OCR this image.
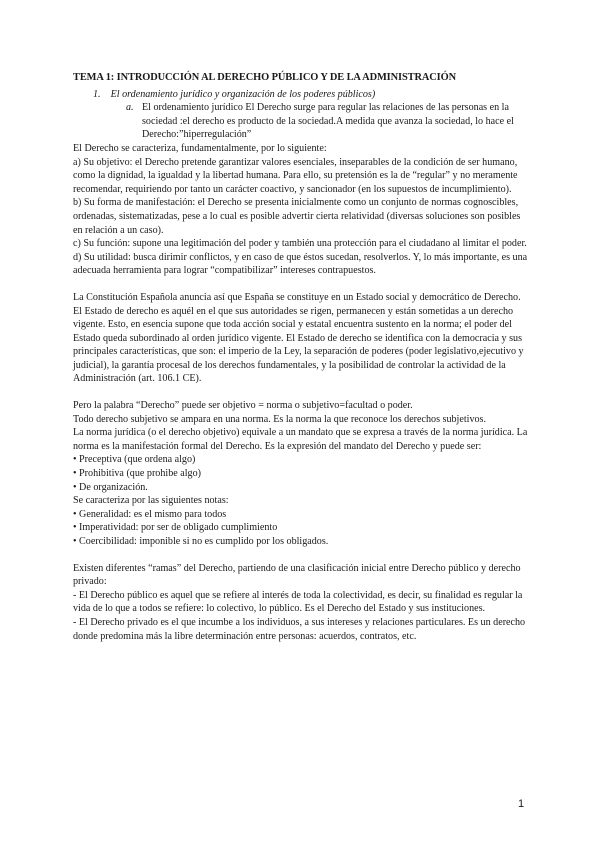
TEMA 1: INTRODUCCIÓN AL DERECHO PÚBLICO Y DE LA ADMINISTRACIÓN
1. El ordenamiento jurídico y organización de los poderes públicos)
a. El ordenamiento jurídico El Derecho surge para regular las relaciones de las personas en la sociedad :el derecho es producto de la sociedad.A medida que avanza la sociedad, lo hace el Derecho:”hiperregulación”

El Derecho se caracteriza, fundamentalmente, por lo siguiente:

a) Su objetivo: el Derecho pretende garantizar valores esenciales, inseparables de la condición de ser humano, como la dignidad, la igualdad y la libertad humana. Para ello, su pretensión es la de “regular” y no meramente recomendar, requiriendo por tanto un carácter coactivo, y sancionador (en los supuestos de incumplimiento).

b) Su forma de manifestación: el Derecho se presenta inicialmente como un conjunto de normas cognoscibles, ordenadas, sistematizadas, pese a lo cual es posible advertir cierta relatividad (diversas soluciones son posibles en relación a un caso).

c) Su función: supone una legitimación del poder y también una protección para el ciudadano al limitar el poder.

d) Su utilidad: busca dirimir conflictos, y en caso de que éstos sucedan, resolverlos. Y, lo más importante, es una adecuada herramienta para lograr “compatibilizar” intereses contrapuestos.

La Constitución Española anuncia así que España se constituye en un Estado social y democrático de Derecho. El Estado de derecho es aquél en el que sus autoridades se rigen, permanecen y están sometidas a un derecho vigente. Esto, en esencia supone que toda acción social y estatal encuentra sustento en la norma; el poder del Estado queda subordinado al orden jurídico vigente. El Estado de derecho se identifica con la democracia y sus principales características, que son: el imperio de la Ley, la separación de poderes (poder legislativo,ejecutivo y judicial), la garantía procesal de los derechos fundamentales, y la posibilidad de controlar la actividad de la Administración (art. 106.1 CE).

Pero la palabra “Derecho” puede ser objetivo = norma o subjetivo=facultad o poder.

Todo derecho subjetivo se ampara en una norma. Es la norma la que reconoce los derechos subjetivos.

La norma jurídica (o el derecho objetivo) equivale a un mandato que se expresa a través de la norma jurídica. La norma es la manifestación formal del Derecho. Es la expresión del mandato del Derecho y puede ser:

• Preceptiva (que ordena algo)

• Prohibitiva (que prohibe algo)

• De organización.

Se caracteriza por las siguientes notas:

• Generalidad: es el mismo para todos

• Imperatividad: por ser de obligado cumplimiento

• Coercibilidad: imponible si no es cumplido por los obligados.

Existen diferentes “ramas” del Derecho, partiendo de una clasificación inicial entre Derecho público y derecho privado:

- El Derecho público es aquel que se refiere al interés de toda la colectividad, es decir, su finalidad es regular la vida de lo que a todos se refiere: lo colectivo, lo público. Es el Derecho del Estado y sus instituciones.

- El Derecho privado es el que incumbe a los individuos, a sus intereses y relaciones particulares. Es un derecho donde predomina más la libre determinación entre personas: acuerdos, contratos, etc.

1
